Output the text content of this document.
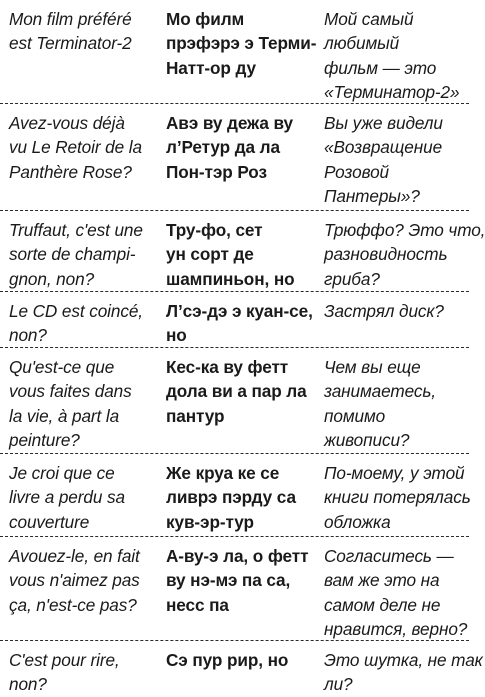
Mon film préféré
est Terminator-2
Мо филм
прэфэрэ э Терми-
Натт-ор ду
Мой самый
любимый
фильм — это
«Терминатор-2»
Avez-vous déjà
vu Le Retoir de la
Panthère Rose?
Авэ ву дежа ву
л’Ретур да ла
Пон-тэр Роз
Вы уже видели
«Возвращение
Розовой
Пантеры»?
Truffaut, c'est une
sorte de champi-
gnon, non?
Тру-фо, сет
ун сорт де
шампиньон, но
Трюффо? Это что,
разновидность
гриба?
Le CD est coincé,
non?
Л’сэ-дэ э куан-се,
но
Застрял диск?
Qu'est-ce que
vous faites dans
la vie, à part la
peinture?
Кес-ка ву фетт
дола ви а пар ла
пантур
Чем вы еще
занимаетесь,
помимо
живописи?
Je croi que ce
livre a perdu sa
couverture
Же круа ке се
ливрэ пэрду са
кув-эр-тур
По-моему, у этой
книги потерялась
обложка
Avouez-le, en fait
vous n'aimez pas
ça, n'est-ce pas?
А-ву-э ла, о фетт
ву нэ-мэ па са,
несс па
Согласитесь —
вам же это на
самом деле не
нравится, верно?
C'est pour rire,
non?
Сэ пур рир, но	Это шутка, не так
ли?
